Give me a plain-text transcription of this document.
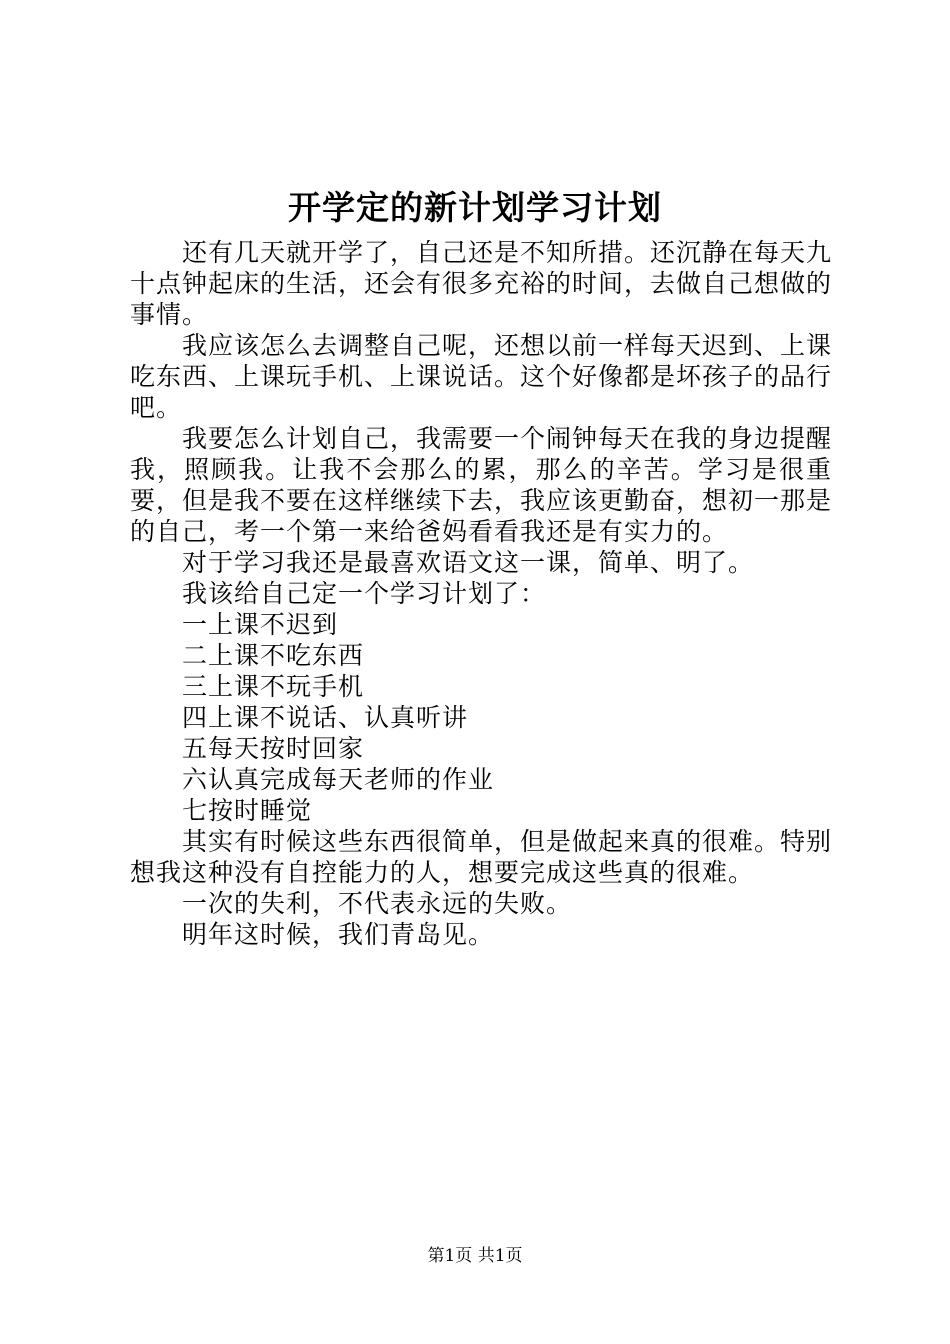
开学定的新计划学习计划

还有几天就开学了，自己还是不知所措。还沉静在每天九十点钟起床的生活，还会有很多充裕的时间，去做自己想做的事情。

我应该怎么去调整自己呢，还想以前一样每天迟到、上课吃东西、上课玩手机、上课说话。这个好像都是坏孩子的品行吧。

我要怎么计划自己，我需要一个闹钟每天在我的身边提醒我，照顾我。让我不会那么的累，那么的辛苦。学习是很重要，但是我不要在这样继续下去，我应该更勤奋，想初一那是的自己，考一个第一来给爸妈看看我还是有实力的。

对于学习我还是最喜欢语文这一课，简单、明了。

我该给自己定一个学习计划了：

一上课不迟到

二上课不吃东西

三上课不玩手机

四上课不说话、认真听讲

五每天按时回家

六认真完成每天老师的作业

七按时睡觉

其实有时候这些东西很简单，但是做起来真的很难。特别想我这种没有自控能力的人，想要完成这些真的很难。

一次的失利，不代表永远的失败。

明年这时候，我们青岛见。

第1页 共1页
